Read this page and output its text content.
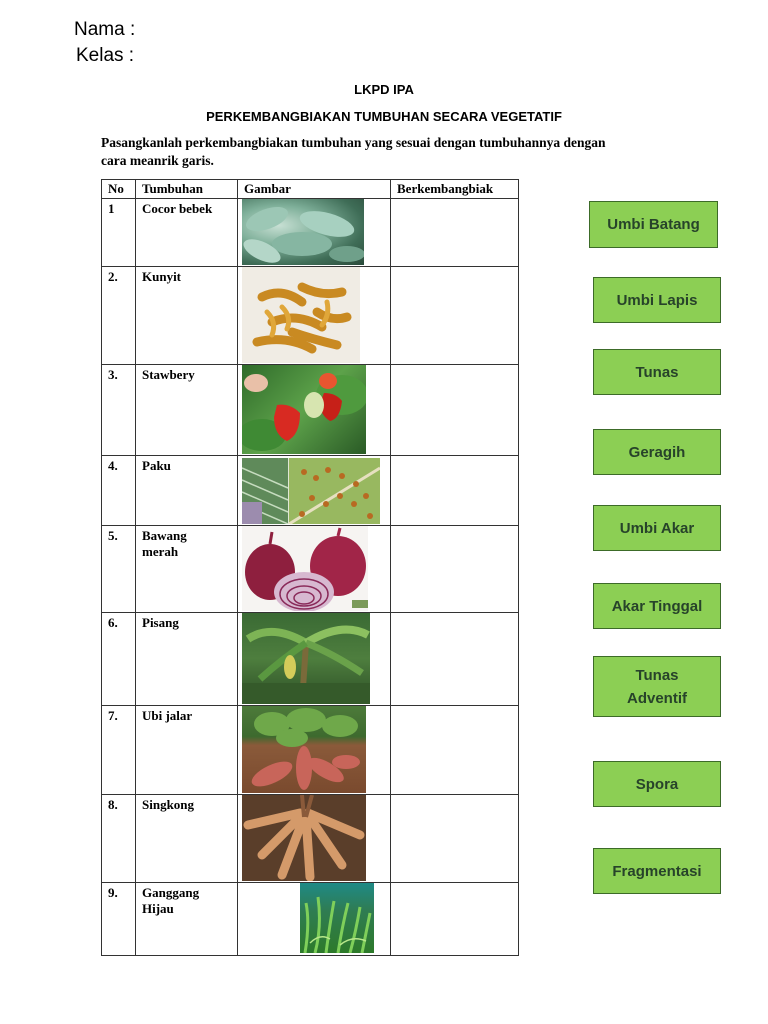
Nama :
Kelas :
LKPD IPA
PERKEMBANGBIAKAN TUMBUHAN SECARA VEGETATIF
Pasangkanlah perkembangbiakan tumbuhan yang sesuai dengan tumbuhannya dengan
cara meanrik garis.
No	Tumbuhan	Gambar	Berkembangbiak
1	Cocor bebek	

2.	Kunyit	

3.	Stawbery	

4.	Paku	

5.	Bawang
merah	

6.	Pisang	

7.	Ubi jalar	

8.	Singkong	

9.	Ganggang
Hijau	

Umbi Batang
Umbi Lapis
Tunas
Geragih
Umbi Akar
Akar Tinggal
Tunas
Adventif
Spora
Fragmentasi
